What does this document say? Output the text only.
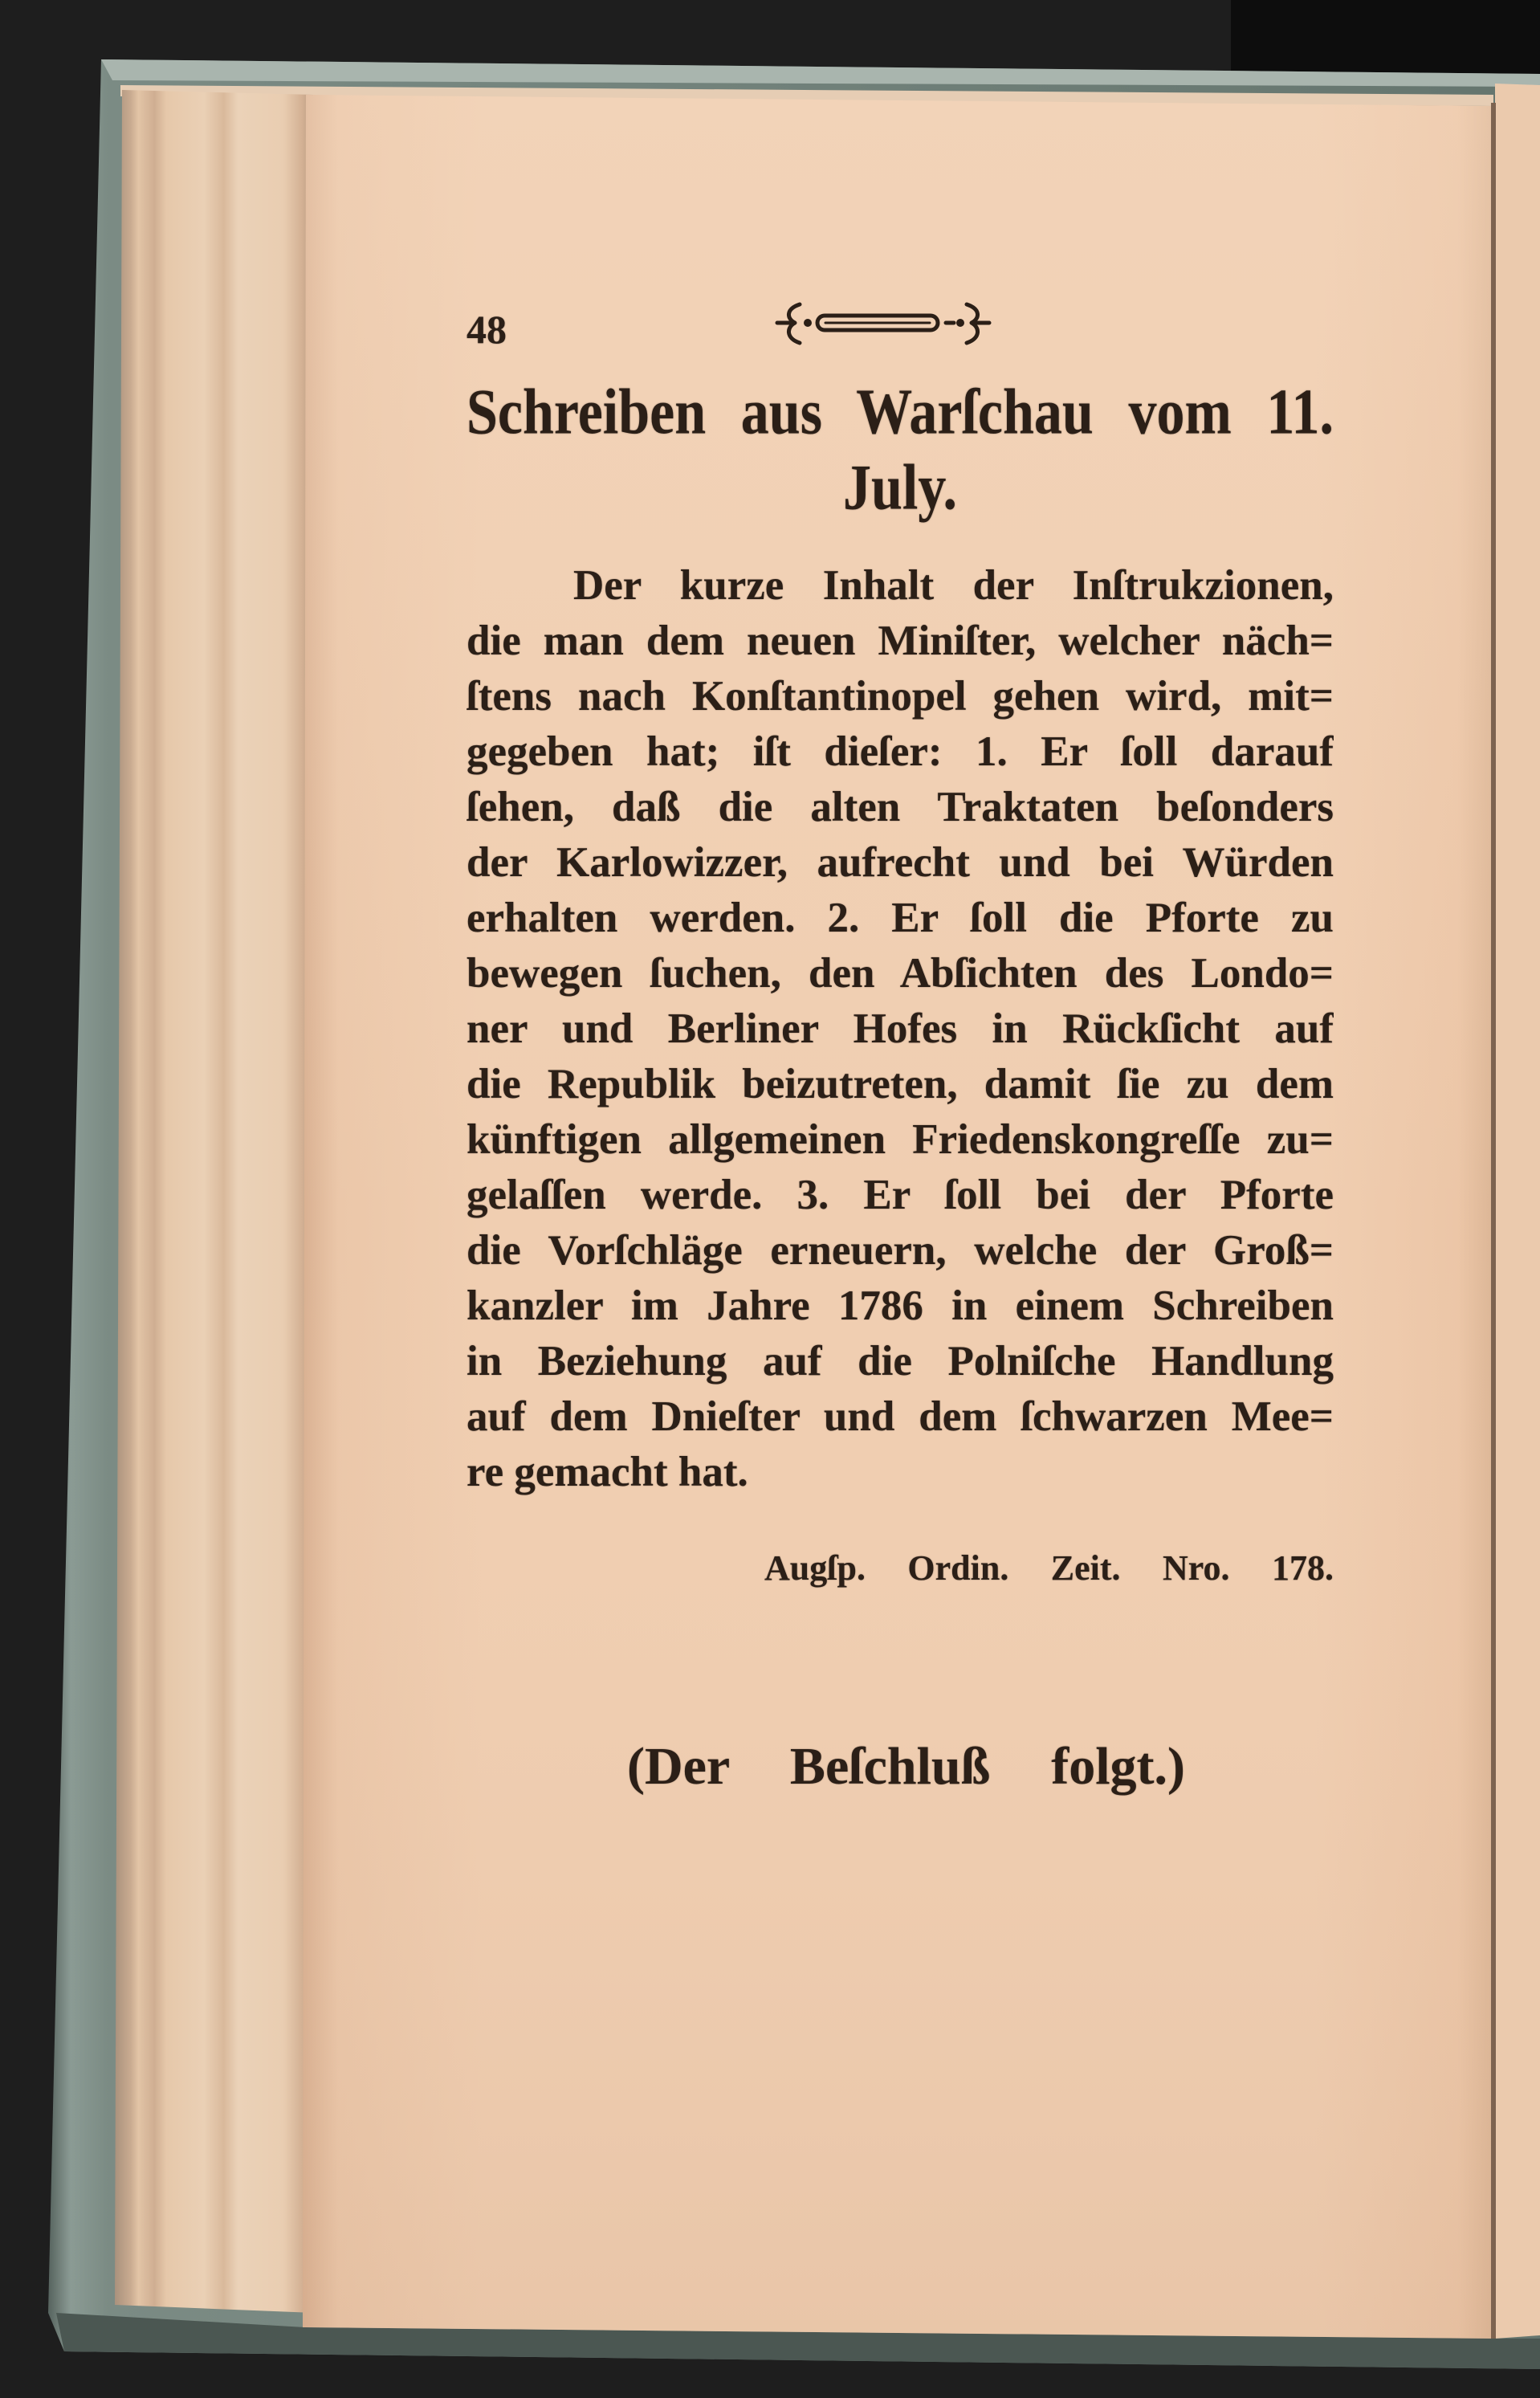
48
Schreiben aus Warſchau vom 11.
July.
Der kurze Inhalt der Inſtrukzionen,
die man dem neuen Miniſter, welcher näch=
ſtens nach Konſtantinopel gehen wird, mit=
gegeben hat; iſt dieſer: 1. Er ſoll darauf
ſehen, daß die alten Traktaten beſonders
der Karlowizzer, aufrecht und bei Würden
erhalten werden. 2. Er ſoll die Pforte zu
bewegen ſuchen, den Abſichten des Londo=
ner und Berliner Hofes in Rückſicht auf
die Republik beizutreten, damit ſie zu dem
künftigen allgemeinen Friedenskongreſſe zu=
gelaſſen werde. 3. Er ſoll bei der Pforte
die Vorſchläge erneuern, welche der Groß=
kanzler im Jahre 1786 in einem Schreiben
in Beziehung auf die Polniſche Handlung
auf dem Dnieſter und dem ſchwarzen Mee=
re gemacht hat.
Augſp. Ordin. Zeit. Nro. 178.
(Der Beſchluß folgt.)
